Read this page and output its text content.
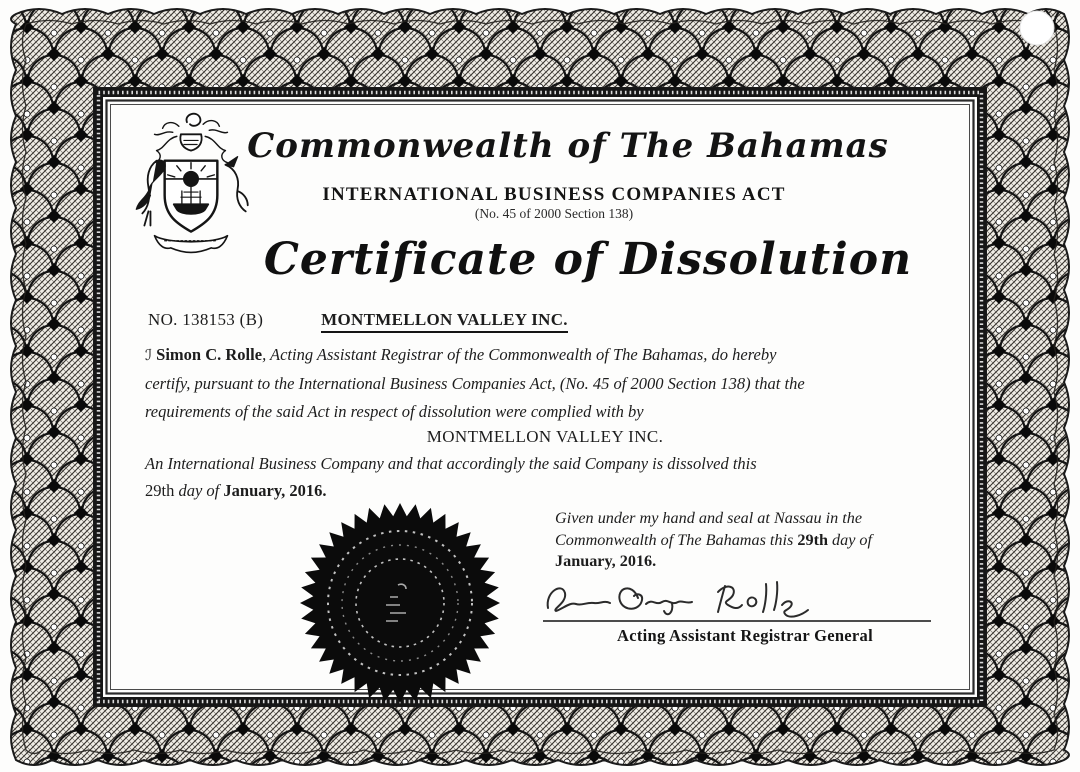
Commonwealth of The Bahamas
INTERNATIONAL BUSINESS COMPANIES ACT
(No. 45 of 2000 Section 138)
Certificate of Dissolution
NO. 138153 (B)	MONTMELLON VALLEY INC.
ℐ Simon C. Rolle, Acting Assistant Registrar of the Commonwealth of The Bahamas, do hereby
certify, pursuant to the International Business Companies Act, (No. 45 of 2000 Section 138) that the
requirements of the said Act in respect of dissolution were complied with by
MONTMELLON VALLEY INC.
An International Business Company and that accordingly the said Company is dissolved this
29th day of January, 2016.
Given under my hand and seal at Nassau in the
Commonwealth of The Bahamas this 29th day of
January, 2016.
Acting Assistant Registrar General
